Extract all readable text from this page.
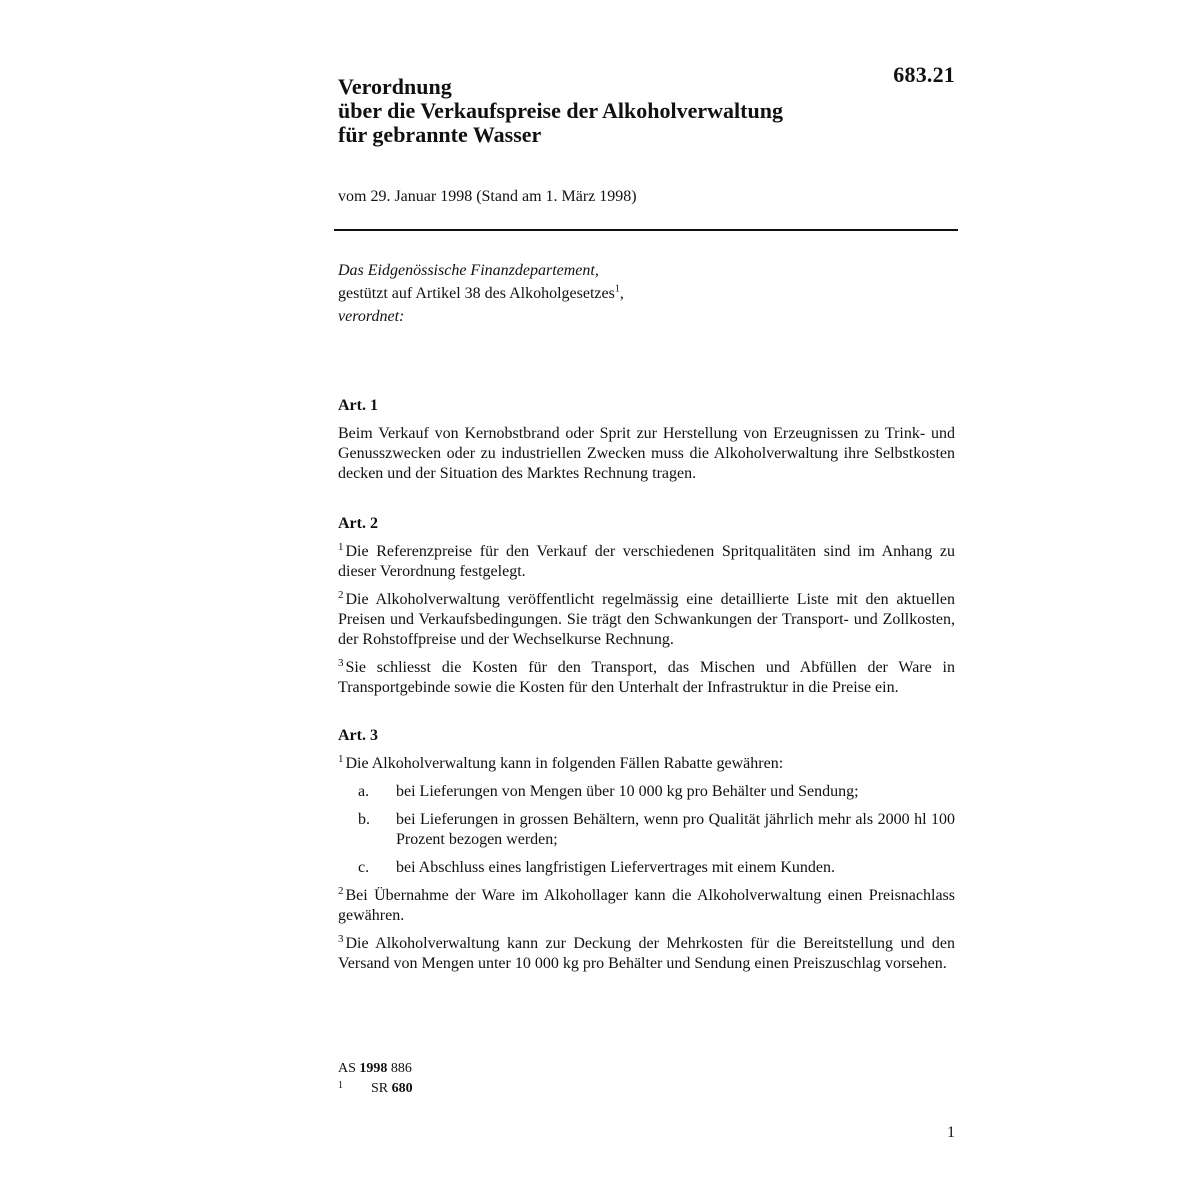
683.21
Verordnung
über die Verkaufspreise der Alkoholverwaltung
für gebrannte Wasser
vom 29. Januar 1998 (Stand am 1. März 1998)
Das Eidgenössische Finanzdepartement,
gestützt auf Artikel 38 des Alkoholgesetzes$^1$,
verordnet:
Art. 1
Beim Verkauf von Kernobstbrand oder Sprit zur Herstellung von Erzeugnissen zu Trink- und Genusszwecken oder zu industriellen Zwecken muss die Alkoholverwaltung ihre Selbstkosten decken und der Situation des Marktes Rechnung tragen.
Art. 2
$^1$ Die Referenzpreise für den Verkauf der verschiedenen Spritqualitäten sind im Anhang zu dieser Verordnung festgelegt.
$^2$ Die Alkoholverwaltung veröffentlicht regelmässig eine detaillierte Liste mit den aktuellen Preisen und Verkaufsbedingungen. Sie trägt den Schwankungen der Transport- und Zollkosten, der Rohstoffpreise und der Wechselkurse Rechnung.
$^3$ Sie schliesst die Kosten für den Transport, das Mischen und Abfüllen der Ware in Transportgebinde sowie die Kosten für den Unterhalt der Infrastruktur in die Preise ein.
Art. 3
$^1$ Die Alkoholverwaltung kann in folgenden Fällen Rabatte gewähren:
a.	bei Lieferungen von Mengen über 10 000 kg pro Behälter und Sendung;
b.	bei Lieferungen in grossen Behältern, wenn pro Qualität jährlich mehr als 2000 hl 100 Prozent bezogen werden;
c.	bei Abschluss eines langfristigen Liefervertrages mit einem Kunden.
$^2$ Bei Übernahme der Ware im Alkohollager kann die Alkoholverwaltung einen Preisnachlass gewähren.
$^3$ Die Alkoholverwaltung kann zur Deckung der Mehrkosten für die Bereitstellung und den Versand von Mengen unter 10 000 kg pro Behälter und Sendung einen Preiszuschlag vorsehen.
AS 1998 886
1 SR 680
1
